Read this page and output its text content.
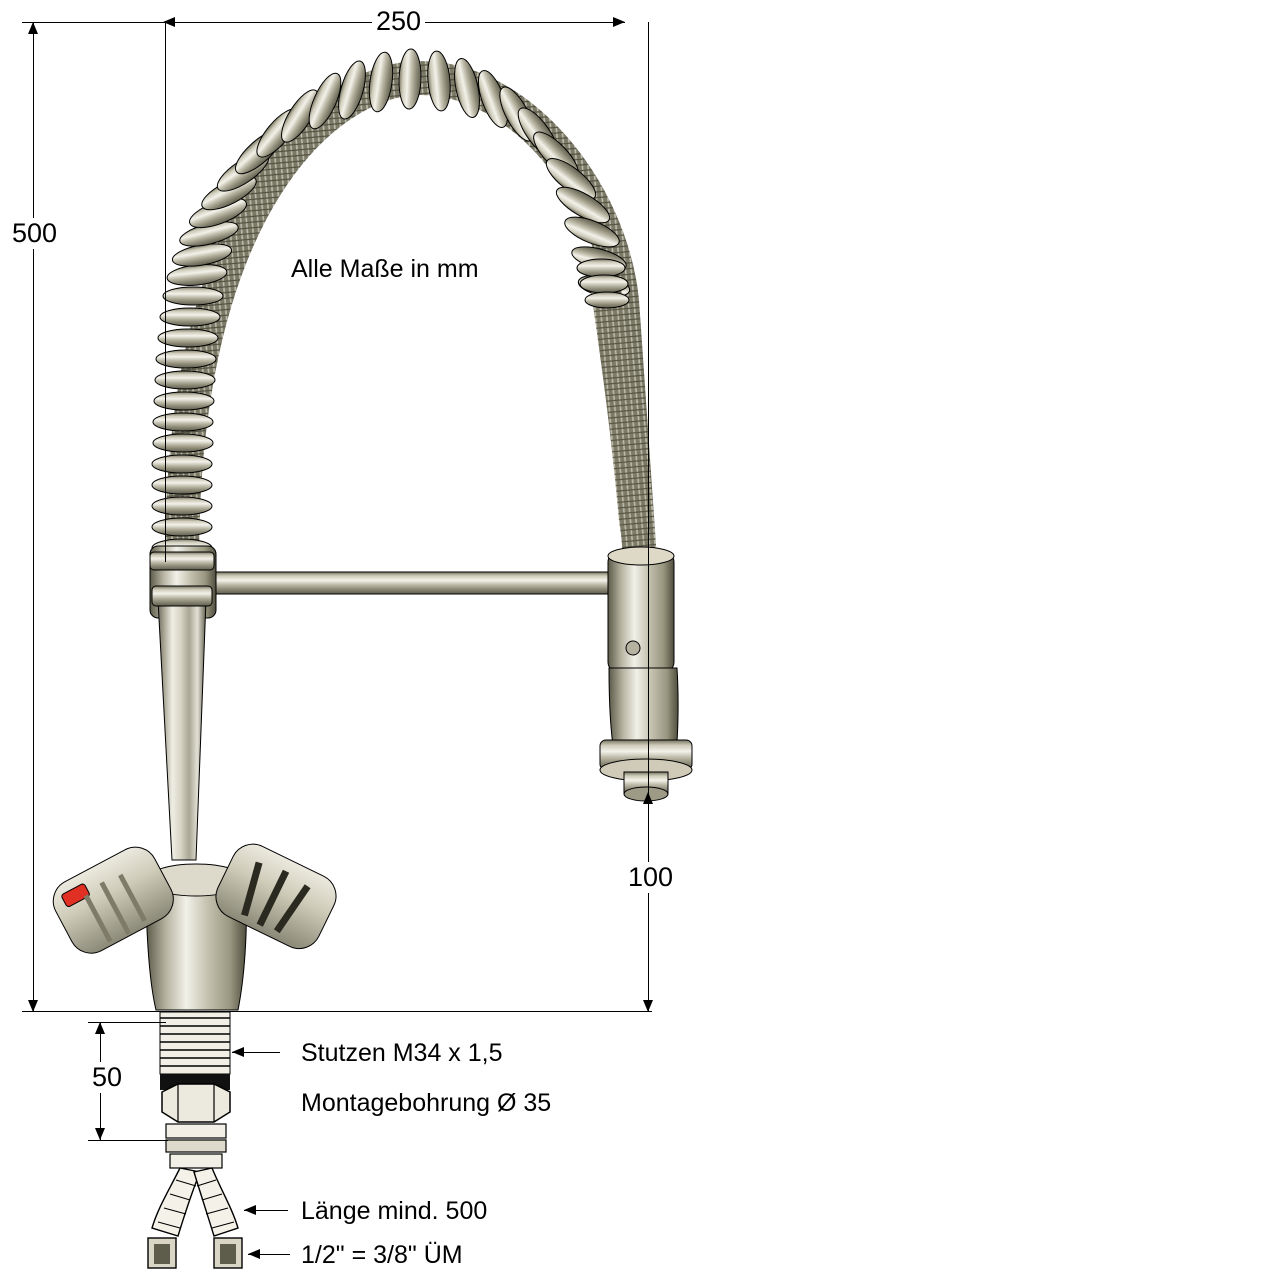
250
500
100
50
Alle Maße in mm
Stutzen M34 x 1,5
Montagebohrung Ø 35
Länge mind. 500
1/2" = 3/8" ÜM
